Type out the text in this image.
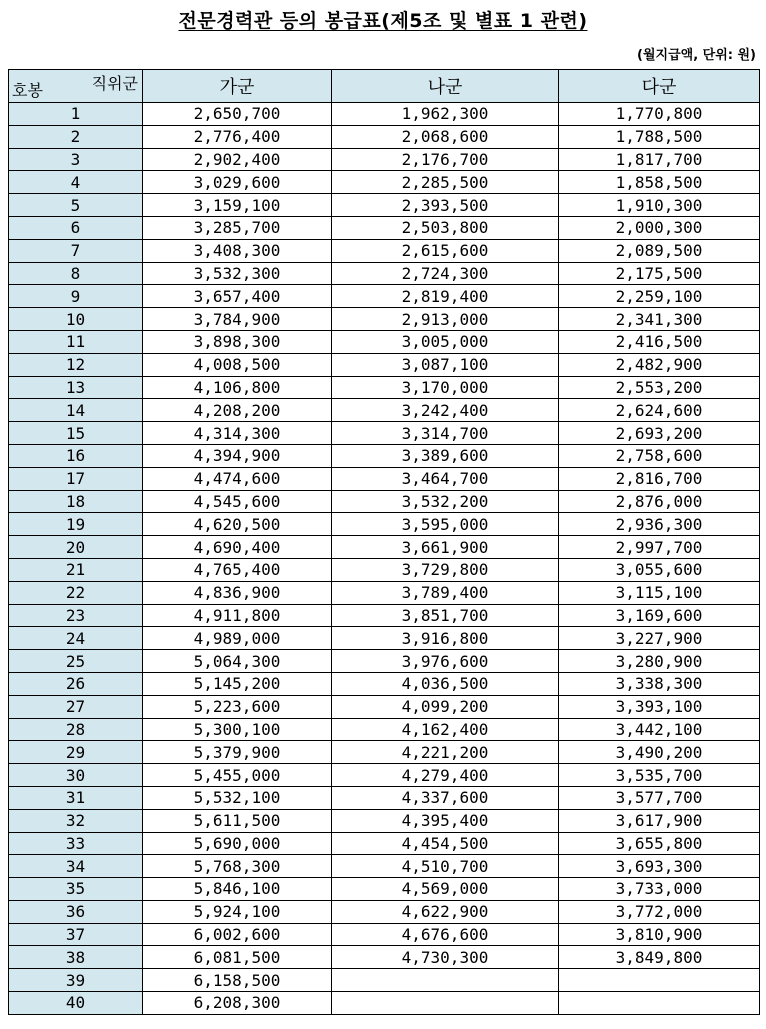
전문경력관 등의 봉급표(제5조 및 별표 1 관련)
(월지급액, 단위: 원)
직위군
호봉	가군	나군	다군
1	2,650,700	1,962,300	1,770,800
2	2,776,400	2,068,600	1,788,500
3	2,902,400	2,176,700	1,817,700
4	3,029,600	2,285,500	1,858,500
5	3,159,100	2,393,500	1,910,300
6	3,285,700	2,503,800	2,000,300
7	3,408,300	2,615,600	2,089,500
8	3,532,300	2,724,300	2,175,500
9	3,657,400	2,819,400	2,259,100
10	3,784,900	2,913,000	2,341,300
11	3,898,300	3,005,000	2,416,500
12	4,008,500	3,087,100	2,482,900
13	4,106,800	3,170,000	2,553,200
14	4,208,200	3,242,400	2,624,600
15	4,314,300	3,314,700	2,693,200
16	4,394,900	3,389,600	2,758,600
17	4,474,600	3,464,700	2,816,700
18	4,545,600	3,532,200	2,876,000
19	4,620,500	3,595,000	2,936,300
20	4,690,400	3,661,900	2,997,700
21	4,765,400	3,729,800	3,055,600
22	4,836,900	3,789,400	3,115,100
23	4,911,800	3,851,700	3,169,600
24	4,989,000	3,916,800	3,227,900
25	5,064,300	3,976,600	3,280,900
26	5,145,200	4,036,500	3,338,300
27	5,223,600	4,099,200	3,393,100
28	5,300,100	4,162,400	3,442,100
29	5,379,900	4,221,200	3,490,200
30	5,455,000	4,279,400	3,535,700
31	5,532,100	4,337,600	3,577,700
32	5,611,500	4,395,400	3,617,900
33	5,690,000	4,454,500	3,655,800
34	5,768,300	4,510,700	3,693,300
35	5,846,100	4,569,000	3,733,000
36	5,924,100	4,622,900	3,772,000
37	6,002,600	4,676,600	3,810,900
38	6,081,500	4,730,300	3,849,800
39	6,158,500		
40	6,208,300		
